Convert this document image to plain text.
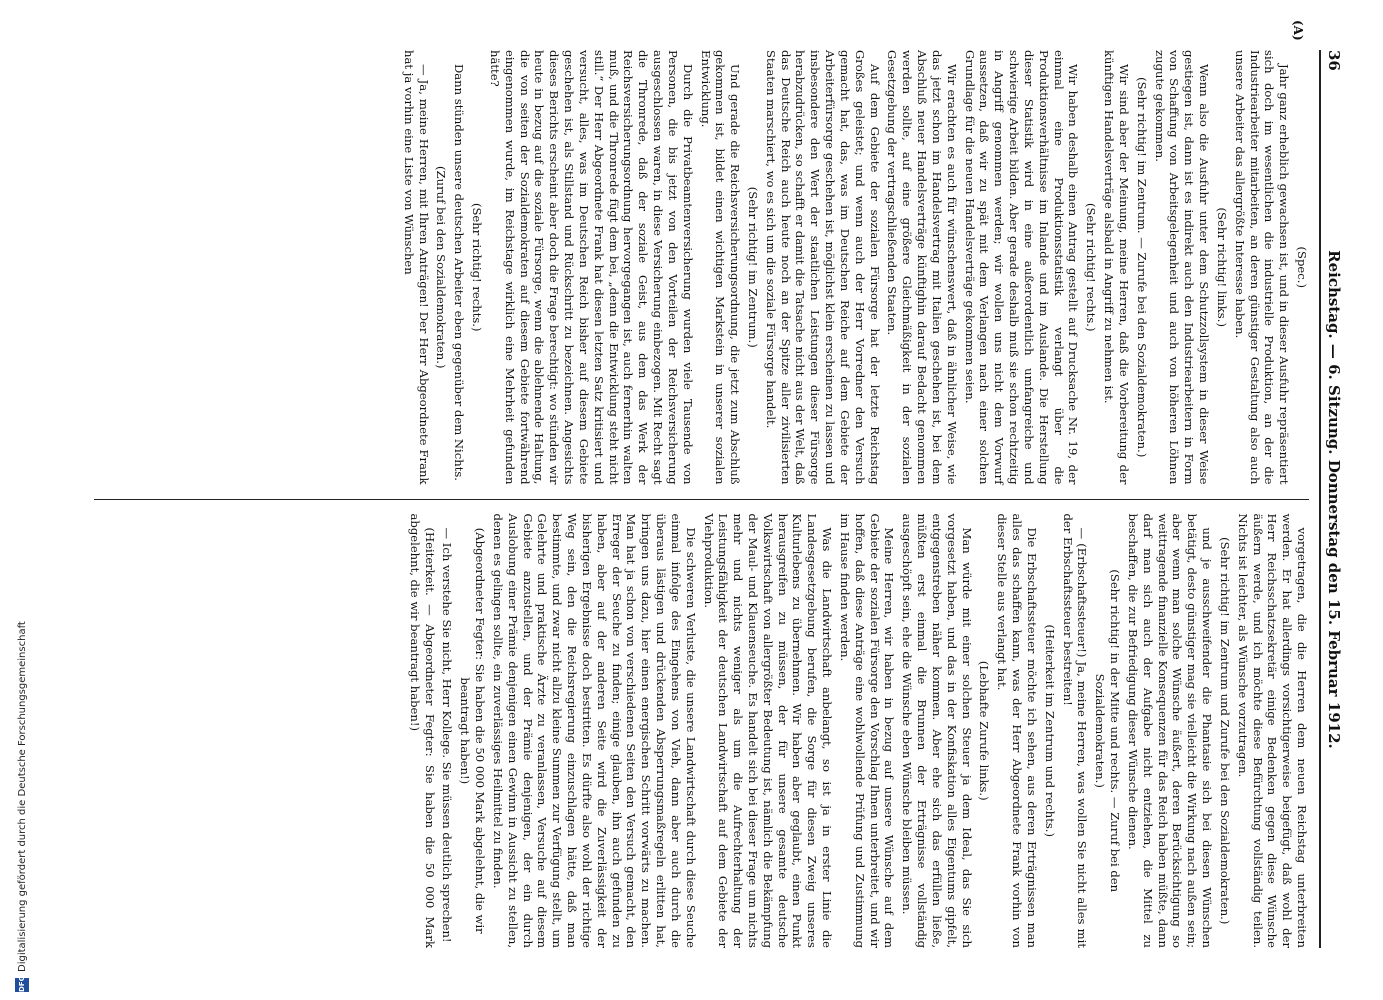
36
Reichstag. — 6. Sitzung. Donnerstag den 15. Februar 1912.
(A)

(Spec.)

Jahr ganz erheblich gewachsen ist, und in dieser Ausfuhr repräsentiert sich doch im wesentlichen die industrielle Produktion, an der die Industriearbeiter mitarbeiten, an deren günstiger Gestaltung also auch unsere Arbeiter das allergrößte Interesse haben.

(Sehr richtig! links.)

Wenn also die Ausfuhr unter dem Schutzzollsystem in dieser Weise gestiegen ist, dann ist es indirekt auch den Industriearbeitern in Form von Schaffung von Arbeitsgelegenheit und auch von höheren Löhnen zugute gekommen.

(Sehr richtig! im Zentrum. — Zurufe bei den Sozialdemokraten.)

Wir sind aber der Meinung, meine Herren, daß die Vorbereitung der künftigen Handelsverträge alsbald in Angriff zu nehmen ist.

(Sehr richtig! rechts.)

Wir haben deshalb einen Antrag gestellt auf Drucksache Nr. 19, der einmal eine Produktionsstatistik verlangt über die Produktionsverhältnisse im Inlande und im Auslande. Die Herstellung dieser Statistik wird in eine außerordentlich umfangreiche und schwierige Arbeit bilden. Aber gerade deshalb muß sie schon rechtzeitig in Angriff genommen werden; wir wollen uns nicht dem Vorwurf aussetzen, daß wir zu spät mit dem Verlangen nach einer solchen Grundlage für die neuen Handelsverträge gekommen seien.

Wir erachten es auch für wünschenswert, daß in ähnlicher Weise, wie das jetzt schon im Handelsvertrag mit Italien geschehen ist, bei dem Abschluß neuer Handelsverträge künftighin darauf Bedacht genommen werden sollte, auf eine größere Gleichmäßigkeit in der sozialen Gesetzgebung der vertragschließenden Staaten.

Auf dem Gebiete der sozialen Fürsorge hat der letzte Reichstag Großes geleistet; und wenn auch der Herr Vorredner den Versuch gemacht hat, das, was im Deutschen Reiche auf dem Gebiete der Arbeiterfürsorge geschehen ist, möglichst klein erscheinen zu lassen und insbesondere den Wert der staatlichen Leistungen dieser Fürsorge herabzudrücken, so schafft er damit die Tatsache nicht aus der Welt, daß das Deutsche Reich auch heute noch an der Spitze aller zivilisierten Staaten marschiert, wo es sich um die soziale Fürsorge handelt.

(Sehr richtig! im Zentrum.)

Und gerade die Reichsversicherungsordnung, die jetzt zum Abschluß gekommen ist, bildet einen wichtigen Markstein in unserer sozialen Entwicklung.

Durch die Privatbeamtenversicherung wurden viele Tausende von Personen, die bis jetzt von den Vorteilen der Reichsversicherung ausgeschlossen waren, in diese Versicherung einbezogen. Mit Recht sagt die Thronrede, daß der soziale Geist, aus dem das Werk der Reichsversicherungsordnung hervorgegangen ist, auch fernerhin walten muß, und die Thronrede fügt dem bei, „denn die Entwicklung steht nicht still.“ Der Herr Abgeordnete Frank hat diesen letzten Satz kritisiert und versucht, alles, was im Deutschen Reich bisher auf diesem Gebiete geschehen ist, als Stillstand und Rückschritt zu bezeichnen. Angesichts dieses Berichts erscheint aber doch die Frage berechtigt: wo stünden wir heute in bezug auf die soziale Fürsorge, wenn die ablehnende Haltung, die von seiten der Sozialdemokraten auf diesem Gebiete fortwährend eingenommen wurde, im Reichstage wirklich eine Mehrheit gefunden hätte?

(Sehr richtig! rechts.)

Dann stünden unsere deutschen Arbeiter eben gegenüber dem Nichts.

(Zuruf bei den Sozialdemokraten.)

— Ja, meine Herren, mit Ihren Anträgen! Der Herr Abgeordnete Frank hat ja vorhin eine Liste von Wünschen

vorgetragen, die die Herren dem neuen Reichstag unterbreiten werden. Er hat allerdings vorsichtigerweise beigefügt, daß wohl der Herr Reichsschatzsekretär einige Bedenken gegen diese Wünsche äußern werde, und ich möchte diese Befürchtung vollständig teilen. Nichts ist leichter, als Wünsche vorzutragen.

(Sehr richtig! im Zentrum und Zurufe bei den Sozialdemokraten.)

und je ausschweifender die Phantasie sich bei diesen Wünschen betätigt, desto günstiger mag sie vielleicht die Wirkung nach außen sein; aber wenn man solche Wünsche äußert, deren Berücksichtigung so weittragende finanzielle Konsequenzen für das Reich haben müßte, dann darf man sich auch der Aufgabe nicht entziehen, die Mittel zu beschaffen, die zur Befriedigung dieser Wünsche dienen.

(Sehr richtig! in der Mitte und rechts. — Zuruf bei den Sozialdemokraten.)

— (Erbschaftssteuer!) Ja, meine Herren, was wollen Sie nicht alles mit der Erbschaftssteuer bestreiten!

(Heiterkeit im Zentrum und rechts.)

Die Erbschaftssteuer möchte ich sehen, aus deren Erträgnissen man alles das schaffen kann, was der Herr Abgeordnete Frank vorhin von dieser Stelle aus verlangt hat.

(Lebhafte Zurufe links.)

Man würde mit einer solchen Steuer ja dem Ideal, das Sie sich vorgesetzt haben, und das in der Konfiskation alles Eigentums gipfelt, entgegenstreben näher kommen. Aber ehe sich das erfüllen ließe, müßten erst einmal die Brunnen der Erträgnisse vollständig ausgeschöpft sein, ehe die Wünsche eben Wünsche bleiben müssen.

Meine Herren, wir haben in bezug auf unsere Wünsche auf dem Gebiete der sozialen Fürsorge den Vorschlag Ihnen unterbreitet, und wir hoffen, daß diese Anträge eine wohlwollende Prüfung und Zustimmung im Hause finden werden.

Was die Landwirtschaft anbelangt, so ist ja in erster Linie die Landesgesetzgebung berufen, die Sorge für diesen Zweig unseres Kulturlebens zu übernehmen. Wir haben aber geglaubt, einen Punkt herausgreifen zu müssen, der für unsere gesamte deutsche Volkswirtschaft von allergrößter Bedeutung ist, nämlich die Bekämpfung der Maul- und Klauenseuche. Es handelt sich bei dieser Frage um nichts mehr und nichts weniger als um die Aufrechterhaltung der Leistungsfähigkeit der deutschen Landwirtschaft auf dem Gebiete der Viehproduktion.

Die schweren Verluste, die unsere Landwirtschaft durch diese Seuche einmal infolge des Eingehens von Vieh, dann aber auch durch die überaus lästigen und drückenden Absperrungsmaßregeln erlitten hat, bringen uns dazu, hier einen energischen Schritt vorwärts zu machen. Man hat ja schon von verschiedenen Seiten den Versuch gemacht, den Erreger der Seuche zu finden; einige glauben, ihn auch gefunden zu haben, aber auf der anderen Seite wird die Zuverlässigkeit der bisherigen Ergebnisse doch bestritten. Es dürfte also wohl der richtige Weg sein, den die Reichsregierung einzuschlagen hätte, daß man bestimmte, und zwar nicht allzu kleine Summen zur Verfügung stellt, um Gelehrte und praktische Ärzte zu veranlassen, Versuche auf diesem Gebiete anzustellen, und der Prämie denjenigen, der ein durch Auslobung einer Prämie denjenigen einen Gewinn in Aussicht zu stellen, denen es gelingen sollte, ein zuverlässiges Heilmittel zu finden.

(Abgeordneter Fegter: Sie haben die 50 000 Mark abgelehnt, die wir beantragt haben!)

— Ich verstehe Sie nicht, Herr Kollege. Sie müssen deutlich sprechen!

(Heiterkeit. — Abgeordneter Fegter: Sie haben die 50 000 Mark abgelehnt, die wir beantragt haben!)

DFG
Digitalisierung gefördert durch die Deutsche Forschungsgemeinschaft
